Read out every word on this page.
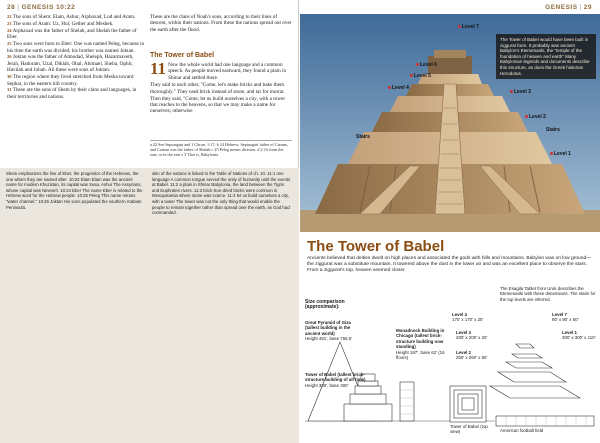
28 | GENESIS 10:22

22 The sons of Shem: Elam, Ashur, Arphaxad, Lud and Aram.

23 The sons of Aram: Uz, Hul, Gether and Meshek.

24 Arphaxad was the father of Shelah, and Shelah the father of Eber.

25 Two sons were born to Eber: One was named Peleg, because in his time the earth was divided; his brother was named Joktan.

26 Joktan was the father of Almodad, Sheleph, Hazarmaveth, Jerah, Hadoram, Uzal, Diklah, Obal, Abimael, Sheba, Ophir, Havilah and Jobab. All these were sons of Joktan.

30 The region where they lived stretched from Mesha toward Sephar, in the eastern hill country.

31 These are the sons of Shem by their clans and languages, in their territories and nations.

These are the clans of Noah's sons, according to their lines of descent, within their nations. From these the nations spread out over the earth after the flood.

The Tower of Babel
11 Now the whole world had one language and a common speech. As people moved eastward, they found a plain in Shinar and settled there.

They said to each other, "Come, let's make bricks and bake them thoroughly." They used brick instead of stone, and tar for mortar.

Then they said, "Come, let us build ourselves a city, with a tower that reaches to the heavens, so that we may make a name for ourselves; otherwise

a 22 See Septuagint and 1 Chron. 1:17; b 24 Hebrew; Septuagint father of Cainan, and Cainan was the father of Shelah c 25 Peleg means division. d 2 Or from the east; or in the east e 3 That is, Babylonia
Shem emphasizes the line of Eber, the progenitor of the Hebrews, the one whom they are named after. 10:22 Elam Elam was the ancient name for modern Khuzistan, its capital was Susa. Ashur The Assyrians, whose capital was Nineveh. 10:24 Eber The name Eber is related to the Hebrew word for the Hebrew people. 10:25 Peleg This name means "water channel." 10:26 Joktan His sons populated the southern Arabian Peninsula.
skin of the nations is linked to the Table of Nations of ch. 10. 11:1 one language A common tongue served the unity of humanity until the events at Babel. 11:2 a plain in Shinar Babylonia, the land between the Tigris and Euphrates rivers. 11:3 brick Sun-dried bricks were common in Mesopotamia where stone was scarce. 11:4 let us build ourselves a city, with a tower The tower was not the only thing that would enable the people to remain together rather than spread over the earth, as God had commanded.
GENESIS | 29
The Tower of Babel would have been built in ziggurat form. It probably was ancient Babylon's Etemenanki, the "temple of the foundation of heaven and earth" Many Babylonian legends and documents describe this structure, as does the Greek historian Herodotus.
Level 7
Level 6
Level 5
Level 4
Level 3
Level 2
Level 1
Stairs
Stairs
The Tower of Babel
Ancients believed that deities dwelt on high places and associated the gods with hills and mountains. Babylon was on low ground—the ziggurat was a substitute mountain. It towered above the dust in the lower air and was an excellent place to observe the stars. From a ziggurat's top, heaven seemed closer.
Size comparison (approximate):
Great Pyramid of Giza (tallest building in the ancient world)
Height 481', base 755.5'
Tower of Babel (tallest brick-structure building of all time)
Height 300', base 300'
Monadnock Building in Chicago (tallest brick-structure building now standing)
Height 197', base 62' (16 floors)
Tower of Babel (top view)	American football field
The Esagila Tablet from Uruk describes the Etemenanki with these dimensions. The stairs for the top levels are inferred.
Level 4
170' x 170' x 20'
Level 3
200' x 200' x 20'
Level 2
260' x 260' x 60'
Level 7
80' x 80' x 50'
Level 1
300' x 300' x 110'
